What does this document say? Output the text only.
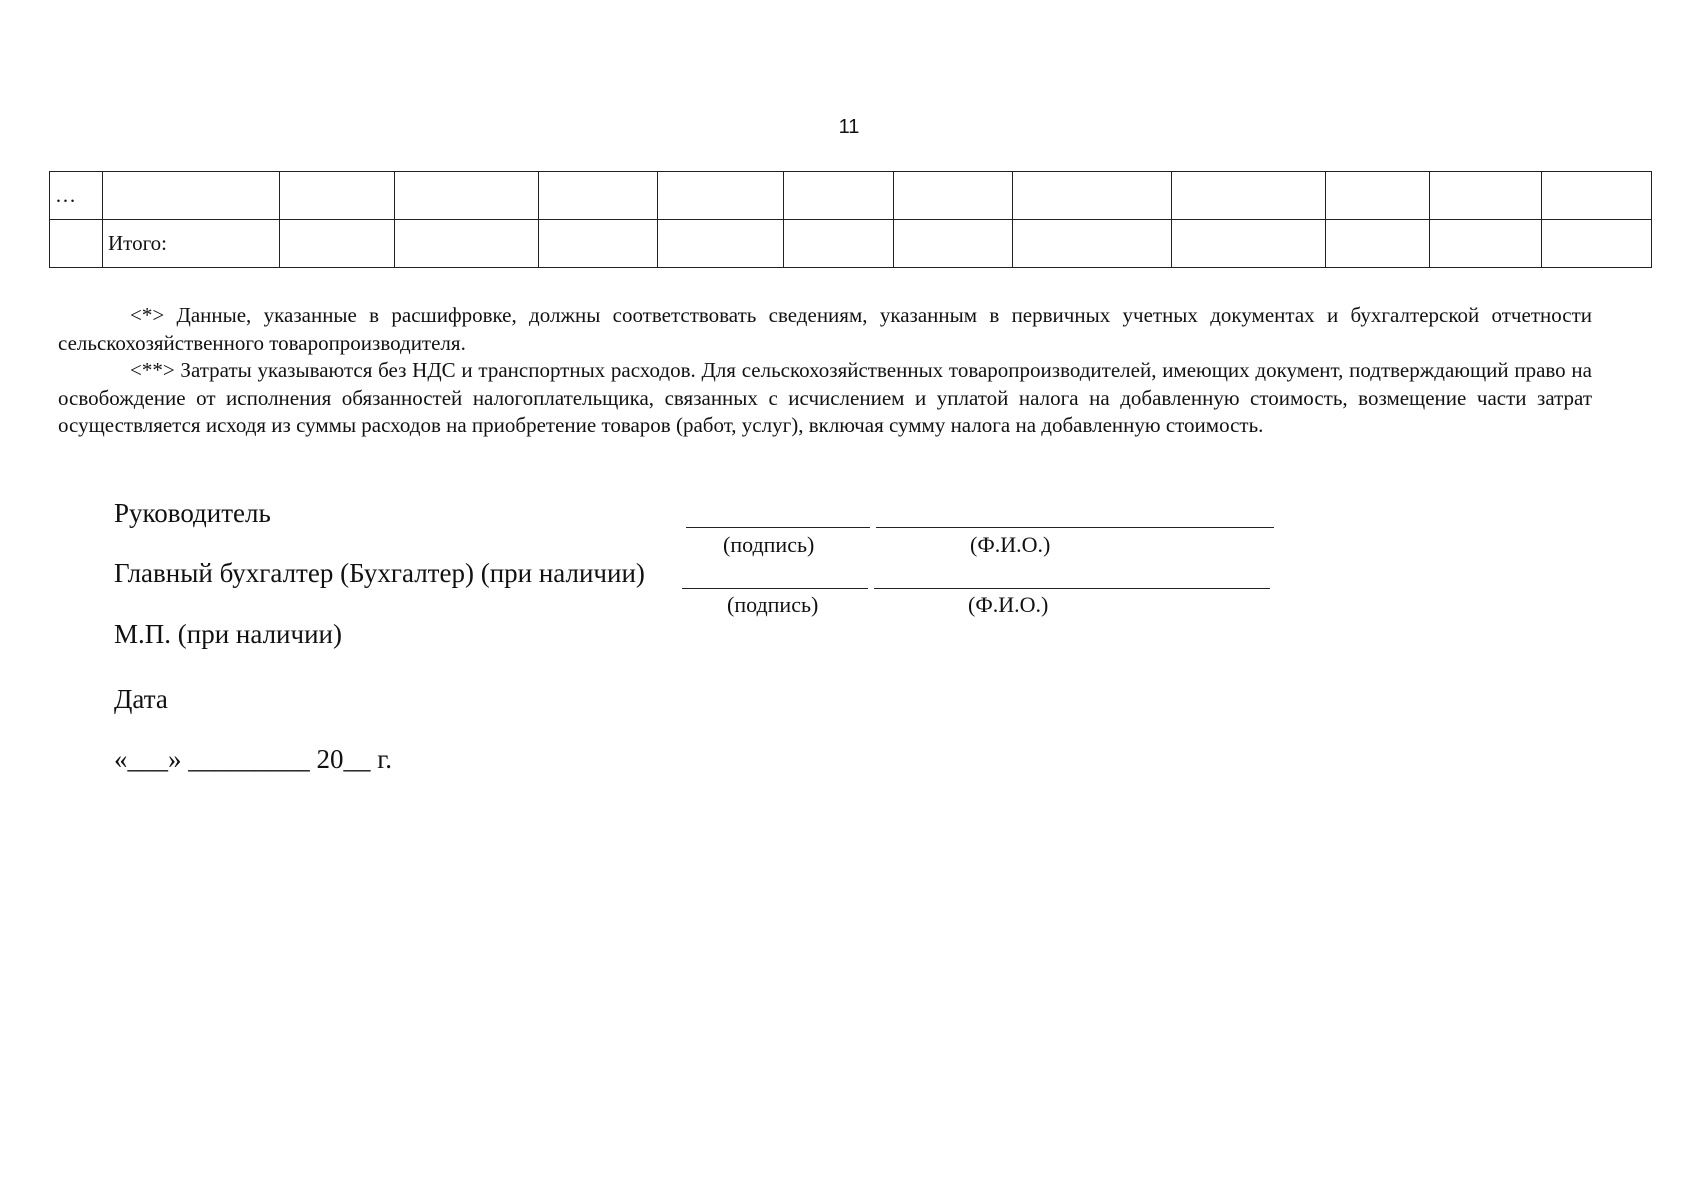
11
…												
	Итого:											

<*> Данные, указанные в расшифровке, должны соответствовать сведениям, указанным в первичных учетных документах и бухгалтерской отчетности сельскохозяйственного товаропроизводителя.

<**> Затраты указываются без НДС и транспортных расходов. Для сельскохозяйственных товаропроизводителей, имеющих документ, подтверждающий право на освобождение от исполнения обязанностей налогоплательщика, связанных с исчислением и уплатой налога на добавленную стоимость, возмещение части затрат осуществляется исходя из суммы расходов на приобретение товаров (работ, услуг), включая сумму налога на добавленную стоимость.

Руководитель
(подпись)	(Ф.И.О.)
Главный бухгалтер (Бухгалтер) (при наличии)
(подпись)	(Ф.И.О.)
М.П. (при наличии)
Дата
«___» _________ 20__ г.
